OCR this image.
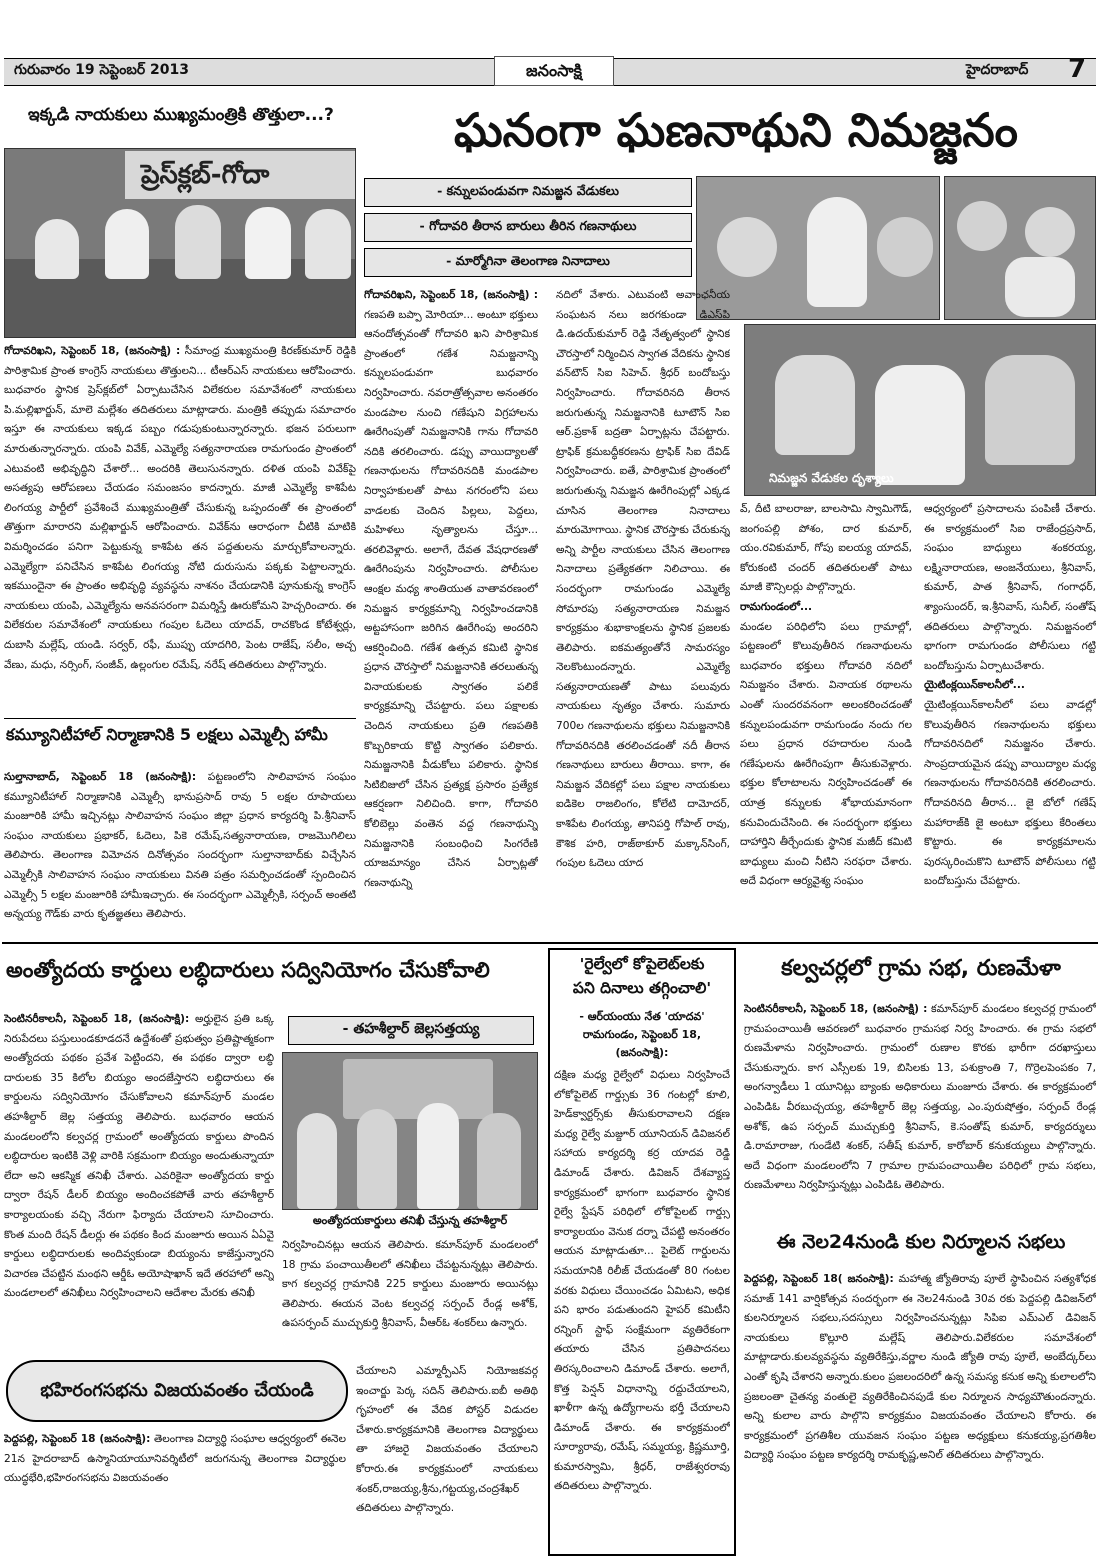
గురువారం 19 సెప్టెంబర్ 2013	జనంసాక్షి	హైదరాబాద్ 7
ఇక్కడి నాయకులు ముఖ్యమంత్రికి తొత్తులా...?
ప్రెస్‌క్లబ్-గోదా

గోదావరిఖని, సెప్టెంబర్ 18, (జనంసాక్షి) : సీమాంధ్ర ముఖ్యమంత్రి కిరణ్‌కుమార్ రెడ్డికి పారిశ్రామిక ప్రాంత కాంగ్రెస్ నాయకులు తొత్తులని... టీఆర్ఎస్ నాయకులు ఆరోపించారు. బుధవారం స్థానిక ప్రెస్‌క్లబ్‌లో ఏర్పాటుచేసిన విలేకరుల సమావేశంలో నాయకులు పి.మల్లిఖార్జున్, మాలె మల్లేశం తదితరులు మాట్లాడారు. మంత్రికి తప్పుడు సమాచారం ఇస్తూ ఈ నాయకులు ఇక్కడ పబ్బం గడుపుకుంటున్నారన్నారు. భజన పరులుగా మారుతున్నారన్నారు. యంపి వివేక్, ఎమ్మెల్యే సత్యనారాయణ రామగుండం ప్రాంతంలో ఎటువంటి అభివృద్ధిని చేశారో... అందరికి తెలుసునన్నారు. దళిత యంపి వివేక్‌పై అసత్యపు ఆరోపణలు చేయడం సమంజసం కాదన్నారు. మాజీ ఎమ్మెల్యే కాశిపేట లింగయ్య పార్టీలో ప్రవేశించే ముఖ్యమంత్రితో చేసుకున్న ఒప్పందంతో ఈ ప్రాంతంలో తొత్తుగా మారారని మల్లిఖార్జున్ ఆరోపించారు. వివేక్‌ను ఆరాధంగా చీటికి మాటికి విమర్శించడం పనిగా పెట్టుకున్న కాశిపేట తన పద్దతులను మార్చుకోవాలన్నారు. ఎమ్మెల్యేగా పనిచేసిన కాశిపేట లింగయ్య నోటి దురుసును పక్కకు పెట్టాలన్నారు. ఇకముందైనా ఈ ప్రాంతం అభివృద్ధి వ్యవస్థను నాశనం చేయడానికి పూనుకున్న కాంగ్రెస్ నాయకులు యంపి, ఎమ్మెల్యేను అనవసరంగా విమర్శిస్తే ఊరుకోమని హెచ్చరించారు. ఈ విలేకరుల సమావేశంలో నాయకులు గంపుల ఓదెలు యాదవ్, రాచకొండ కోటేశ్వర్లు, దుబాసి మల్లేష్, యండి. సర్వర్, రఫీ, ముప్పు యాదగిరి, పెంట రాజేష్, సలీం, అచ్చ వేణు, మధు, నర్సింగ్, సంజీవ్, ఉల్లంగుల రమేష్, నరేష్ తదితరులు పాల్గొన్నారు.

కమ్యూనిటీహాల్ నిర్మాణానికి 5 లక్షలు ఎమ్మెల్సీ హామీ

సుల్తానాబాద్, సెప్టెంబర్ 18 (జనంసాక్షి): పట్టణంలోని సాలివాహన సంఘం కమ్యూనిటీహాల్ నిర్మాణానికి ఎమ్మెల్సీ భానుప్రసాద్ రావు 5 లక్షల రూపాయలు మంజూరికి హామీ ఇచ్చినట్లు సాలివాహన సంఘం జిల్లా ప్రధాన కార్యదర్శి పి.శ్రీనివాస్ సంఘం నాయకులు ప్రభాకర్, ఓదెలు, పికె రమేష్,సత్యనారాయణ, రాజమొగిలిలు తెలిపారు. తెలంగాణ విమోచన దినోత్సవం సందర్భంగా సుల్తానాబాద్‌కు విచ్చేసిన ఎమ్మెల్సీకి సాలివాహన సంఘం నాయకులు వినతి పత్రం సమర్పించడంతో స్పందించిన ఎమ్మెల్సీ 5 లక్షల మంజూరికి హామీఇచ్చారు. ఈ సందర్భంగా ఎమ్మెల్సీకి, సర్పంచ్ అంతటి అన్నయ్య గౌడ్‌కు వారు కృతజ్ఞతలు తెలిపారు.

ఘనంగా ఘణనాథుని నిమజ్జనం
- కన్నులపండువగా నిమజ్జన వేడుకలు
- గోదావరి తీరాన బారులు తీరిన గణనాథులు
- మార్మోగినా తెలంగాణ నినాదాలు
నిమజ్జన వేడుకల దృశ్యాలు

గోదావరిఖని, సెప్టెంబర్ 18, (జనంసాక్షి) : గణపతి బప్పా మోరియా... అంటూ భక్తులు ఆనందోత్సవంతో గోదావరి ఖని పారిశ్రామిక ప్రాంతంలో గణేశ నిమజ్జనాన్ని కన్నులపండువగా బుధవారం నిర్వహించారు. నవరాత్రోత్సవాల అనంతరం మండపాల నుంచి గణేషుని విగ్రహాలను ఊరేగింపుతో నిమజ్జనానికి గాను గోదావరి నదికి తరలించారు. డప్పు వాయిద్యాలతో గణనాథులను గోదావరినదికి మండపాల నిర్వాహకులతో పాటు నగరంలోని పలు వాడలకు చెందిన పిల్లలు, పెద్దలు, మహిళలు నృత్యాలను చేస్తూ... తరలివెళ్లారు. అలాగే, దేవత వేషధారణతో ఊరేగింపును నిర్వహించారు. పోలీసుల ఆంక్షల మధ్య శాంతియుత వాతావరణంలో నిమజ్జన కార్యక్రమాన్ని నిర్వహించడానికి అట్టహాసంగా జరిగిన ఊరేగింపు అందరిని ఆకర్షించింది. గణేశ ఉత్సవ కమిటి స్థానిక ప్రధాన చౌరస్తాలో నిమజ్జనానికి తరలుతున్న వినాయకులకు స్వాగతం పలికే కార్యక్రమాన్ని చేపట్టారు. పలు పక్షాలకు చెందిన నాయకులు ప్రతి గణపతికి కొబ్బరికాయ కొట్టి స్వాగతం పలికారు. నిమజ్జనానికి వీడుకోలు పలికారు. స్థానిక సిటిబిజులో చేసిన ప్రత్యక్ష ప్రసారం ప్రత్యేక ఆకర్షణగా నిలిచింది. కాగా, గోదావరి కోలిబెల్లు వంతెన వద్ద గణనాథున్ని నిమజ్జనానికి సంబంధించి సింగరేణి యాజమాన్యం చేసిన ఏర్పాట్లతో గణనాథున్ని

నదిలో వేశారు. ఎటువంటి అవాంఛనీయ సంఘటన నలు జరగకుండా డిఎస్‌పి డి.ఉదయ్‌కుమార్ రెడ్డి నేతృత్వంలో స్థానిక చౌరస్తాలో నిర్మించిన స్వాగత వేదికను స్థానిక వన్‌టౌన్ సిఐ సిహెచ్. శ్రీధర్ బందోబస్తు నిర్వహించారు. గోదావరినది తీరాన జరుగుతున్న నిమజ్జనానికి టూటౌన్ సిఐ ఆర్.ప్రకాశ్ బద్రతా ఏర్పాట్లను చేపట్టారు. ట్రాఫిక్ క్రమబద్ధీకరణను ట్రాఫిక్ సిఐ దేవిడ్ నిర్వహించారు. ఐతే, పారిశ్రామిక ప్రాంతంలో జరుగుతున్న నిమజ్జన ఊరేగింపుల్లో ఎక్కడ చూసిన తెలంగాణ నినాదాలు మారుమోగాయి. స్థానిక చౌరస్తాకు చేరుకున్న అన్ని పార్టీల నాయకులు చేసిన తెలంగాణ నినాదాలు ప్రత్యేకతగా నిలిచాయి. ఈ సందర్భంగా రామగుండం ఎమ్మెల్యే సోమారపు సత్యనారాయణ నిమజ్జన కార్యక్రమం శుభాకాంక్షలను స్థానిక ప్రజలకు తెలిపారు. ఐకమత్యంతోనే సామరస్యం నెలకొంటుందన్నారు. ఎమ్మెల్యే సత్యనారాయణతో పాటు పలువురు నాయకులు నృత్యం చేశారు. సుమారు 700ల గణనాథులను భక్తులు నిమజ్జనానికి గోదావరినదికి తరలించడంతో నదీ తీరాన గణనాథులు బారులు తీరాయి. కాగా, ఈ నిమజ్జన వేదికల్లో పలు పక్షాల నాయకులు ఐడికెల రాజలింగం, కోలేటి దామోదర్, కాశిపేట లింగయ్య, తానిపర్తి గోపాల్ రావు, కౌశిక హరి, రాజ్‌ఠాకూర్ మక్కాన్‌సింగ్, గంపుల ఓదెలు యాద

వ్, దీటి బాలరాజు, బాలసామి స్వామిగౌడ్, జంగంపల్లి పోశం, దార కుమార్, యం.రవికుమార్, గోపు ఐలయ్య యాదవ్, కోరుకంటి చందర్ తదితరులతో పాటు మాజీ కౌన్సిలర్లు పాల్గొన్నారు.

రామగుండంలో...

మండల పరిధిలోని పలు గ్రామాల్లో, పట్టణంలో కొలువుతీరిన గణనాథులను బుధవారం భక్తులు గోదావరి నదిలో నిమజ్జనం చేశారు. వినాయక రథాలను ఎంతో సుందరవనంగా అలంకరించడంతో కన్నులపండువగా రామగుండం నందు గల పలు ప్రధాన రహదారుల నుండి గణేషులను ఊరేగింపుగా తీసుకువెళ్లారు. భక్తుల కోలాటాలను నిర్వహించడంతో ఈ యాత్ర కన్నులకు శోభాయమానంగా కనువిందుచేసింది. ఈ సందర్భంగా భక్తులు దాహార్తిని తీర్చేందుకు స్థానిక మజీద్ కమిటి బాధ్యులు మంచి నీటిని సరఫరా చేశారు. అదే విధంగా ఆర్యవైశ్య సంఘం

ఆధ్వర్యంలో ప్రసాదాలను పంపిణీ చేశారు. ఈ కార్యక్రమంలో సిఐ రాజేంద్రప్రసాద్, సంఘం బాధ్యులు శంకరయ్య, లక్ష్మినారాయణ, అంజనేయులు, శ్రీనివాస్, కుమార్, పాత శ్రీనివాస్, గంగాధర్, శ్యాంసుందర్, ఇ.శ్రీనివాస్, సునీల్, సంతోష్ తదితరులు పాల్గొన్నారు. నిమజ్జనంలో భాగంగా రామగుండం పోలీసులు గట్టి బందోబస్తును ఏర్పాటుచేశారు.

యైటింక్లయిన్‌కాలనీలో...

యైటింక్లయిన్‌కాలనీలో పలు వాడల్లో కొలువుతీరిన గణనాథులను భక్తులు గోదావరినదిలో నిమజ్జనం చేశారు. సాంప్రదాయమైన డప్పు వాయిద్యాల మధ్య గణనాథులను గోదావరినదికి తరలించారు. గోదావరినది తీరాన... జై బోలో గణేష్ మహారాజ్‌కి జై అంటూ భక్తులు కేరింతలు కొట్టారు. ఈ కార్యక్రమాలను పురస్కరించుకొని టూటౌన్ పోలీసులు గట్టి బందోబస్తును చేపట్టారు.

అంత్యోదయ కార్డులు లబ్ధిదారులు సద్వినియోగం చేసుకోవాలి

సెంటినరీకాలనీ, సెప్టెంబర్ 18, (జనంసాక్షి): అర్హులైన ప్రతి ఒక్క నిరుపేదలు పస్తులుండకూడదనే ఉద్దేశంతో ప్రభుత్వం ప్రతిష్టాత్మకంగా అంత్యోదయ పథకం ప్రవేశ పెట్టిందని, ఈ పథకం ద్వారా లబ్ధి దారులకు 35 కిలోల బియ్యం అందజేస్తారని లబ్ధిదారులు ఈ కార్డులను సద్వినియోగం చేసుకోవాలని కమాన్‌పూర్ మండల తహశీల్దార్ జెల్ల సత్తయ్య తెలిపారు. బుధవారం ఆయన మండలంలోని కల్వచర్ల గ్రామంలో అంత్యోదయ కార్డులు పొందిన లబ్ధిదారుల ఇంటికి వెళ్లి వారికి సక్రమంగా బియ్యం అందుతున్నాయా లేదా అని ఆకస్మిక తనిఖీ చేశారు. ఎవరికైనా అంత్యోదయ కార్డు ద్వారా రేషన్ డీలర్ బియ్యం అందించకపోతే వారు తహశీల్దార్ కార్యాలయంకు వచ్చి నేరుగా ఫిర్యాదు చేయాలని సూచించారు. కొంత మంది రేషన్ డీలర్లు ఈ పథకం కింద మంజూరు అయిన ఏఏవై కార్డులు లబ్ధిదారులకు అందివ్వకుండా బియ్యంను కాజేస్తున్నారని విచారణ చేపట్టిన మంథని ఆర్డీఓ అయోషాఖాన్ ఇదే తరహాలో అన్ని మండలాలలో తనిఖీలు నిర్వహించాలని ఆదేశాల మేరకు తనిఖీ

- తహశీల్దార్ జెల్లసత్తయ్య
అంత్యోదయకార్డులు తనిఖీ చేస్తున్న తహశీల్దార్

నిర్వహించినట్లు ఆయన తెలిపారు. కమాన్‌పూర్ మండలంలో 18 గ్రామ పంచాయితీలలో తనిఖీలు చేపట్టనున్నట్లు తెలిపారు. కాగ కల్వచర్ల గ్రామానికి 225 కార్డులు మంజూరు అయినట్లు తెలిపారు. ఈయన వెంట కల్వచర్ల సర్పంచ్ రేండ్ల అశోక్, ఉపసర్పంచ్ ముచ్చుకుర్తి శ్రీనివాస్, వీఆర్‌ఓ శంకర్‌లు ఉన్నారు.

భహిరంగసభను విజయవంతం చేయండి

పెద్దపల్లి, సెప్టెంబర్ 18 (జనంసాక్షి): తెలంగాణ విద్యార్థి సంఘాల ఆధ్వర్యంలో ఈనెల 21న హైదరాబాద్ ఉస్మానియాయూనివర్శిటీలో జరుగనున్న తెలంగాణ విద్యార్థుల యుద్ధభేరి,భహిరంగసభను విజయవంతం

చేయాలని ఎమ్మార్పీఎస్ నియోజకవర్గ ఇంచార్జు పెర్క సదిన్ తెలిపారు.ఐబీ అతిథి గృహంలో ఈ వేదిక పోస్టర్ విడుదల చేశారు.కార్యక్రమానికి తెలంగాణ విద్యార్థులు తా హాజరై విజయవంతం చేయాలని కోరారు.ఈ కార్యక్రమంలో నాయకులు శంకర్,రాజయ్య,శ్రీను,గట్టయ్య,చంద్రశేఖర్ తదితరులు పాల్గొన్నారు.

'రైల్వేలో కోపైలెట్‌లకు
పని దినాలు తగ్గించాలి'
- ఆర్‌యంయు నేత 'యాదవ'
రామగుండం, సెప్టెంబర్ 18,
(జనంసాక్షి):

దక్షిణ మధ్య రైల్వేలో విధులు నిర్వహించే లోకోపైలెట్ గార్డ్సుకు 36 గంటల్లో కూలి, హెడ్‌క్వార్టర్స్‌కు తీసుకురావాలని దక్షణ మధ్య రైల్వే మజ్దూర్ యూనియన్ డివిజనల్ సహాయ కార్యదర్శి కర్ర యాదవ రెడ్డి డిమాండ్ చేశారు. డివిజన్ దేశవ్యాప్త కార్యక్రమంలో భాగంగా బుధవారం స్థానిక రైల్వే స్టేషన్ పరిధిలో లోకోపైలట్ గార్డ్సు కార్యాలయం వెనుక దర్నా చేపట్టి అనంతరం ఆయన మాట్లాడుతూ... పైలెట్ గార్డులను సమయానికి రిలీజ్ చేయడంతో 80 గంటల వరకు విధులు చేయించడం ఏమిటని, అధిక పని భారం పడుతుందని హైపర్ కమిటీని రన్నింగ్ స్టాఫ్ సంక్షేమంగా వ్యతిరేకంగా తయారు చేసిన ప్రతిపాదనలు తిరస్కరించాలని డిమాండ్ చేశారు. అలాగే, కొత్త పెన్షన్ విధానాన్ని రద్దుచేయాలని, ఖాళీగా ఉన్న ఉద్యోగాలను భర్తీ చేయాలని డిమాండ్ చేశారు. ఈ కార్యక్రమంలో సూర్యారావు, రమేష్, సమ్మయ్య, క్రిష్ణమూర్తి, కుమారస్వామి, శ్రీధర్, రాజేశ్వరరావు తదితరులు పాల్గొన్నారు.

కల్వచర్లలో గ్రామ సభ, రుణమేళా

సెంటినరీకాలనీ, సెప్టెంబర్ 18, (జనంసాక్షి) : కమాన్‌పూర్ మండలం కల్వచర్ల గ్రామంలో గ్రామపంచాయితీ ఆవరణలో బుధవారం గ్రామసభ నిర్వ హించారు. ఈ గ్రామ సభలో రుణమేళాను నిర్వహించారు. గ్రామంలో రుణాల కొరకు భారీగా దరఖాస్తులు చేసుకున్నారు. కాగ ఎస్సీలకు 19, బిసిలకు 13, పశుక్రాంతి 7, గొర్రెలపెంపకం 7, అంగన్వాడీలు 1 యూనిట్లు బ్యాంకు అధికారులు మంజూరు చేశారు. ఈ కార్యక్రమంలో ఎంపిడిఓ వీరబుచ్చయ్య, తహశీల్దార్ జెల్ల సత్తయ్య, ఎం.పురుషోత్తం, సర్పంచ్ రేండ్ల అశోక్, ఉప సర్పంచ్ ముచ్చుకుర్తి శ్రీనివాస్, కె.సంతోష్ కుమార్, కార్యదర్శులు డి.రామారాజు, గుండేటి శంకర్, సతీష్ కుమార్, కారోబార్ కనుకయ్యలు పాల్గొన్నారు. అదే విధంగా మండలంలోని 7 గ్రామాల గ్రామపంచాయితీల పరిధిలో గ్రామ సభలు, రుణమేళాలు నిర్వహిస్తున్నట్లు ఎంపిడిఓ తెలిపారు.

ఈ నెల24నుండి కుల నిర్మూలన సభలు

పెద్దపల్లి, సెప్టెంబర్ 18( జనంసాక్షి): మహాత్మ జ్యోతిరావు పూలే స్థాపించిన సత్యశోధక సమాజ్ 141 వార్షికోత్సవ సందర్భంగా ఈ నెల24నుండి 30వ రకు పెద్దపల్లి డివిజన్‌లో కులనిర్మూలన సభలు,సదస్సులు నిర్వహించనున్నట్లు సిపిఐ ఎమ్ఎల్ డివిజన్ నాయకులు కొల్లూరి మల్లేష్ తెలిపారు.విలేకరుల సమావేశంలో మాట్లాడారు.కులవ్యవస్థను వ్యతిరేకిస్తు,వర్ణాల నుండి జ్యోతి రావు పూలే, అంబేద్కర్‌లు ఎంతో కృషి చేశారని అన్నారు.కులం ప్రజలందరిలో ఉన్న సమస్య కనుక అన్ని కులాలలోని ప్రజలంతా చైతన్య వంతులై వ్యతిరేకించినపుడే కుల నిర్మూలన సాధ్యమౌతుందన్నారు. అన్ని కులాల వారు పాల్గొని కార్యక్రమం విజయవంతం చేయాలని కోరారు. ఈ కార్యక్రమంలో ప్రగతిశీల యువజన సంఘం పట్టణ అధ్యక్షులు కనుకయ్య,ప్రగతిశీల విద్యార్థి సంఘం పట్టణ కార్యదర్శి రామకృష్ణ,అనిల్ తదితరులు పాల్గొన్నారు.
